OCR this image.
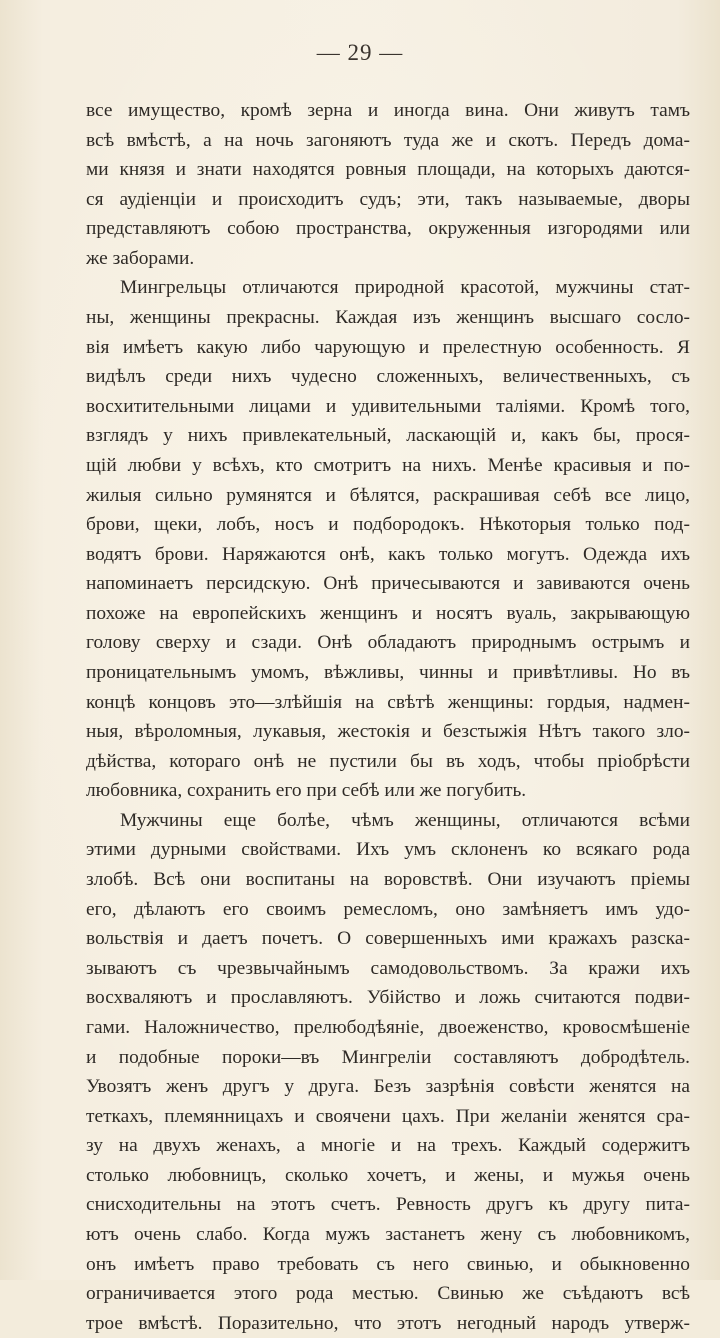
— 29 —
все имущество, кромѣ зерна и иногда вина. Они живутъ тамъ
всѣ вмѣстѣ, а на ночь загоняютъ туда же и скотъ. Передъ дома-
ми князя и знати находятся ровныя площади, на которыхъ даются-
ся аудіенціи и происходитъ судъ; эти, такъ называемые, дворы
представляютъ собою пространства, окруженныя изгородями или
же заборами.
Мингрельцы отличаются природной красотой, мужчины стат-
ны, женщины прекрасны. Каждая изъ женщинъ высшаго сосло-
вія имѣетъ какую либо чарующую и прелестную особенность. Я
видѣлъ среди нихъ чудесно сложенныхъ, величественныхъ, съ
восхитительными лицами и удивительными таліями. Кромѣ того,
взглядъ у нихъ привлекательный, ласкающій и, какъ бы, прося-
щій любви у всѣхъ, кто смотритъ на нихъ. Менѣе красивыя и по-
жилыя сильно румянятся и бѣлятся, раскрашивая себѣ все лицо,
брови, щеки, лобъ, носъ и подбородокъ. Нѣкоторыя только под-
водятъ брови. Наряжаются онѣ, какъ только могутъ. Одежда ихъ
напоминаетъ персидскую. Онѣ причесываются и завиваются очень
похоже на европейскихъ женщинъ и носятъ вуаль, закрывающую
голову сверху и сзади. Онѣ обладаютъ природнымъ острымъ и
проницательнымъ умомъ, вѣжливы, чинны и привѣтливы. Но въ
концѣ концовъ это—злѣйшія на свѣтѣ женщины: гордыя, надмен-
ныя, вѣроломныя, лукавыя, жестокія и безстыжія Нѣтъ такого зло-
дѣйства, котораго онѣ не пустили бы въ ходъ, чтобы пріобрѣсти
любовника, сохранить его при себѣ или же погубить.
Мужчины еще болѣе, чѣмъ женщины, отличаются всѣми
этими дурными свойствами. Ихъ умъ склоненъ ко всякаго рода
злобѣ. Всѣ они воспитаны на воровствѣ. Они изучаютъ пріемы
его, дѣлаютъ его своимъ ремесломъ, оно замѣняетъ имъ удо-
вольствія и даетъ почетъ. О совершенныхъ ими кражахъ разска-
зываютъ съ чрезвычайнымъ самодовольствомъ. За кражи ихъ
восхваляютъ и прославляютъ. Убійство и ложь считаются подви-
гами. Наложничество, прелюбодѣяніе, двоеженство, кровосмѣшеніе
и подобные пороки—въ Мингреліи составляютъ добродѣтель.
Увозятъ женъ другъ у друга. Безъ зазрѣнія совѣсти женятся на
теткахъ, племянницахъ и своячени цахъ. При желаніи женятся сра-
зу на двухъ женахъ, а многіе и на трехъ. Каждый содержитъ
столько любовницъ, сколько хочетъ, и жены, и мужья очень
снисходительны на этотъ счетъ. Ревность другъ къ другу пита-
ютъ очень слабо. Когда мужъ застанетъ жену съ любовникомъ,
онъ имѣетъ право требовать съ него свинью, и обыкновенно
ограничивается этого рода местью. Свинью же съѣдаютъ всѣ
трое вмѣстѣ. Поразительно, что этотъ негодный народъ утверж-
